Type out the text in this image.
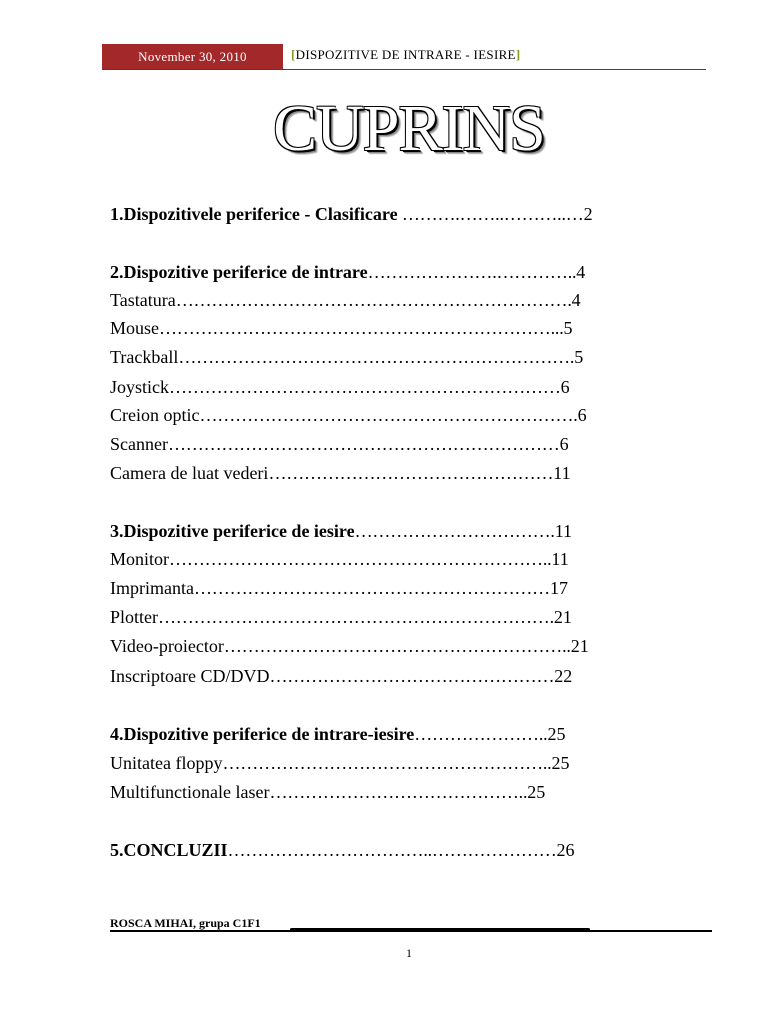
November 30, 2010	[DISPOZITIVE DE INTRARE - IESIRE]
CUPRINS
1.Dispozitivele periferice - Clasificare ……….……..………..…2
2.Dispozitive periferice de intrare………………….…………..4
Tastatura………………………………………………………….4
Mouse…………………………………………………………...5
Trackball………………………………………………………….5
Joystick…………………………………………………………6
Creion optic……………………………………………………….6
Scanner…………………………………………………………6
Camera de luat vederi…………………………………………11
3.Dispozitive periferice de iesire…………………………….11
Monitor………………………………………………………..11
Imprimanta……………………………………………………17
Plotter………………………………………………………….21
Video-proiector…………………………………………………..21
Inscriptoare CD/DVD…………………………………………22
4.Dispozitive periferice de intrare-iesire…………………..25
Unitatea floppy………………………………………………..25
Multifunctionale laser……………………………………..25
5.CONCLUZII……………………………..…………………26
ROSCA MIHAI, grupa C1F1
1
